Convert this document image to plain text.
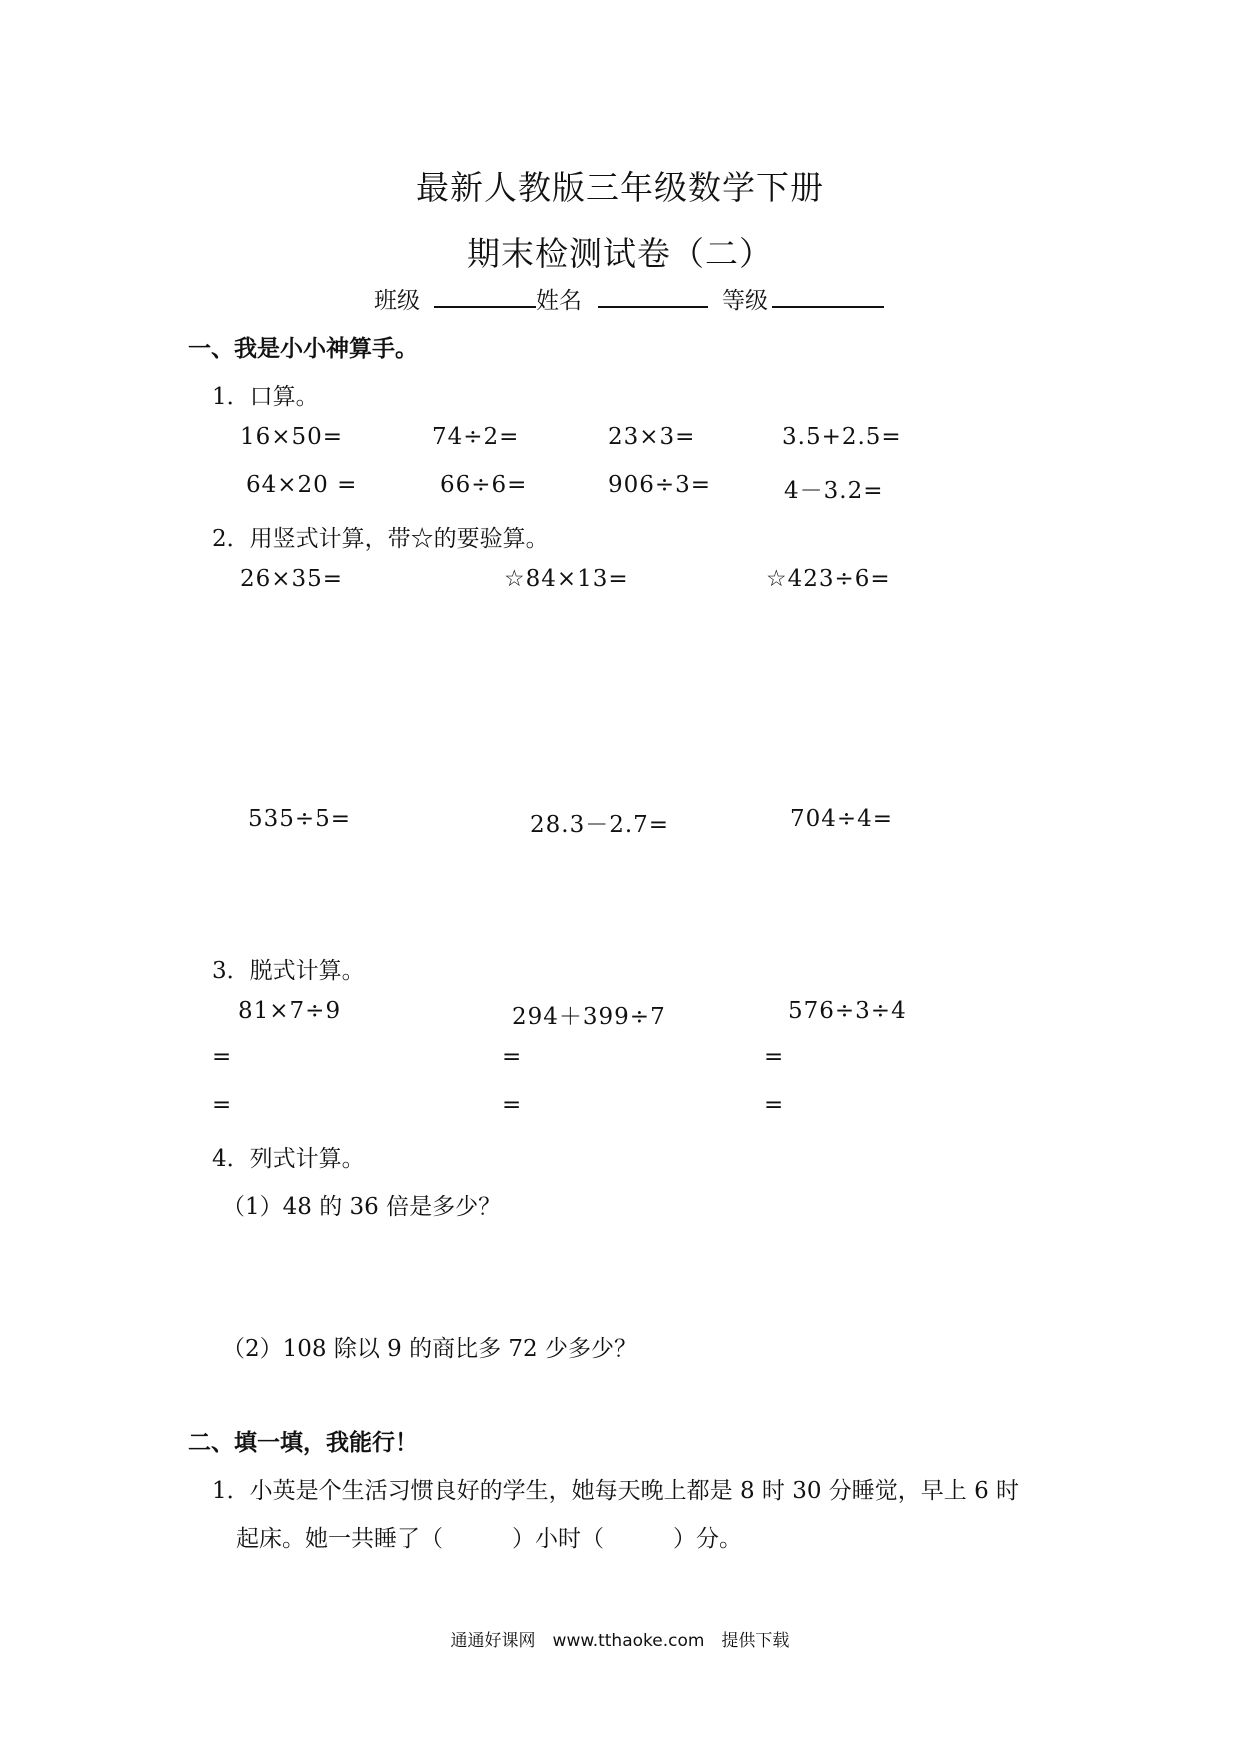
最新人教版三年级数学下册
期末检测试卷（二）
班级	姓名	等级
一、我是小小神算手。
1．口算。
16×50=	74÷2=	23×3=	3.5+2.5=
64×20 =	66÷6=	906÷3=	4－3.2=
2．用竖式计算，带☆的要验算。
26×35=	☆84×13=	☆423÷6=
535÷5=	28.3－2.7=	704÷4=
3．脱式计算。
81×7÷9	294＋399÷7	576÷3÷4
=	=	=
=	=	=
4．列式计算。
（1）48 的 36 倍是多少？
（2）108 除以 9 的商比多 72 少多少？
二、填一填，我能行！
1．小英是个生活习惯良好的学生，她每天晚上都是 8 时 30 分睡觉，早上 6 时
起床。她一共睡了（　　　）小时（　　　）分。
通通好课网　www.tthaoke.com　提供下载
